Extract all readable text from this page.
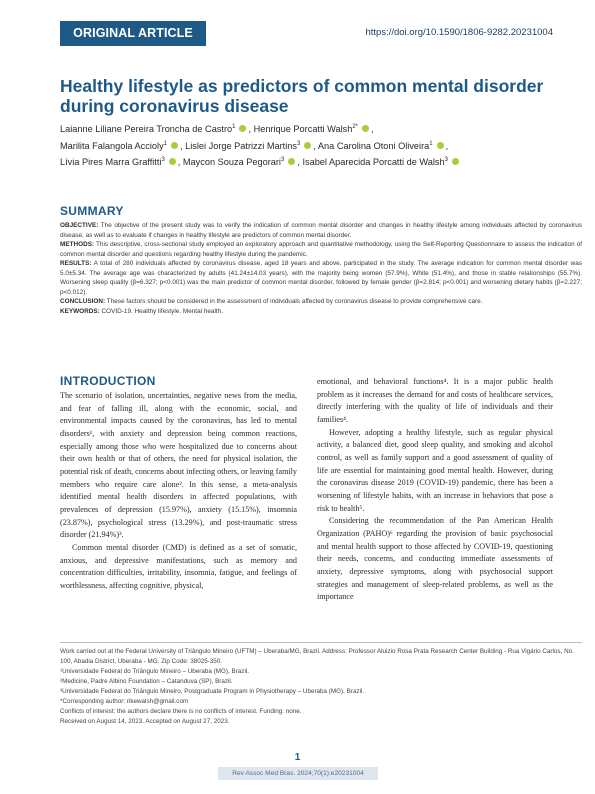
ORIGINAL ARTICLE	https://doi.org/10.1590/1806-9282.20231004
Healthy lifestyle as predictors of common mental disorder during coronavirus disease
Laianne Liliane Pereira Troncha de Castro$^1$ , Henrique Porcatti Walsh$^{2*}$ ,
Marilita Falangola Accioly$^1$ , Lislei Jorge Patrizzi Martins$^3$ , Ana Carolina Otoni Oliveira$^1$ ,
Lívia Pires Marra Graffitti$^3$ , Maycon Souza Pegorari$^3$ , Isabel Aparecida Porcatti de Walsh$^3$
SUMMARY

OBJECTIVE: The objective of the present study was to verify the indication of common mental disorder and changes in healthy lifestyle among individuals affected by coronavirus disease, as well as to evaluate if changes in healthy lifestyle are predictors of common mental disorder.

METHODS: This descriptive, cross-sectional study employed an exploratory approach and quantitative methodology, using the Self-Reporting Questionnaire to assess the indication of common mental disorder and questions regarding healthy lifestyle during the pandemic.

RESULTS: A total of 280 individuals affected by coronavirus disease, aged 18 years and above, participated in the study. The average indication for common mental disorder was 5.0±5.34. The average age was characterized by adults (41.24±14.03 years), with the majority being women (57.9%), White (51.4%), and those in stable relationships (55.7%). Worsening sleep quality (β=6.327; p<0.001) was the main predictor of common mental disorder, followed by female gender (β=2.814; p<0.001) and worsening dietary habits (β=2.227; p<0.012).

CONCLUSION: These factors should be considered in the assessment of individuals affected by coronavirus disease to provide comprehensive care.

KEYWORDS: COVID-19. Healthy lifestyle. Mental health.

INTRODUCTION

The scenario of isolation, uncertainties, negative news from the media, and fear of falling ill, along with the economic, social, and environmental impacts caused by the coronavirus, has led to mental disorders¹, with anxiety and depression being common reactions, especially among those who were hospitalized due to concerns about their own health or that of others, the need for physical isolation, the potential risk of death, concerns about infecting others, or leaving family members who require care alone². In this sense, a meta-analysis identified mental health disorders in affected populations, with prevalences of depression (15.97%), anxiety (15.15%), insomnia (23.87%), psychological stress (13.29%), and post-traumatic stress disorder (21.94%)³.

Common mental disorder (CMD) is defined as a set of somatic, anxious, and depressive manifestations, such as memory and concentration difficulties, irritability, insomnia, fatigue, and feelings of worthlessness, affecting cognitive, physical,

emotional, and behavioral functions⁴. It is a major public health problem as it increases the demand for and costs of healthcare services, directly interfering with the quality of life of individuals and their families⁴.

However, adopting a healthy lifestyle, such as regular physical activity, a balanced diet, good sleep quality, and smoking and alcohol control, as well as family support and a good assessment of quality of life are essential for maintaining good mental health. However, during the coronavirus disease 2019 (COVID-19) pandemic, there has been a worsening of lifestyle habits, with an increase in behaviors that pose a risk to health⁵.

Considering the recommendation of the Pan American Health Organization (PAHO)⁶ regarding the provision of basic psychosocial and mental health support to those affected by COVID-19, questioning their needs, concerns, and conducting immediate assessments of anxiety, depressive symptoms, along with psychosocial support strategies and management of sleep-related problems, as well as the importance

Work carried out at the Federal University of Triângulo Mineiro (UFTM) – Uberaba/MG, Brazil. Address: Professor Aluizio Rosa Prata Research Center Building - Rua Vigário Carlos, No. 100, Abadia District, Uberaba - MG. Zip Code: 38025-350.

¹Universidade Federal do Triângulo Mineiro – Uberaba (MG), Brazil.

²Medicine, Padre Albino Foundation – Catanduva (SP), Brazil.

³Universidade Federal do Triângulo Mineiro, Postgraduate Program in Physiotherapy – Uberaba (MG), Brazil.

*Corresponding author: rikewalsh@gmail.com

Conflicts of interest: the authors declare there is no conflicts of interest. Funding: none.

Received on August 14, 2023. Accepted on August 27, 2023.

1
Rev Assoc Med Bras. 2024;70(1):e20231004
